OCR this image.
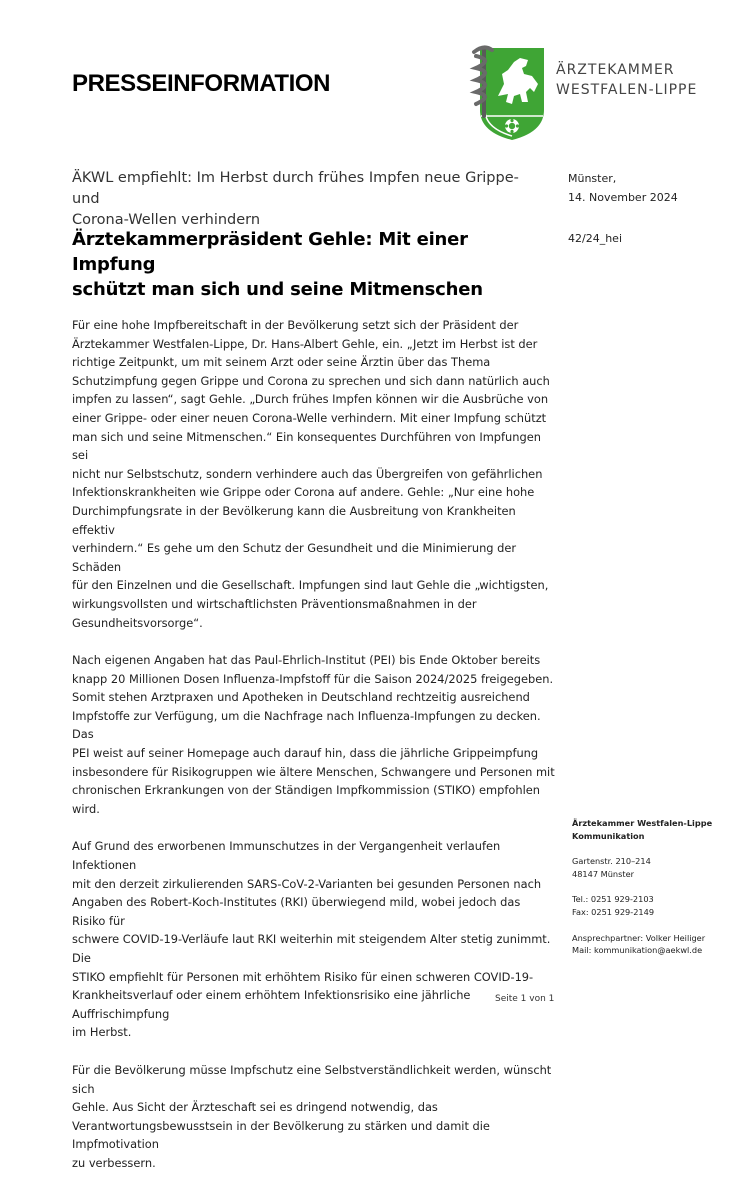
PRESSEINFORMATION	ÄRZTEKAMMER
WESTFALEN-LIPPE
ÄKWL empfiehlt: Im Herbst durch frühes Impfen neue Grippe- und
Corona-Wellen verhindern
Ärztekammerpräsident Gehle: Mit einer Impfung
schützt man sich und seine Mitmenschen
Münster,
14. November 2024
42/24_hei

Für eine hohe Impfbereitschaft in der Bevölkerung setzt sich der Präsident der
Ärztekammer Westfalen-Lippe, Dr. Hans-Albert Gehle, ein. „Jetzt im Herbst ist der
richtige Zeitpunkt, um mit seinem Arzt oder seine Ärztin über das Thema
Schutzimpfung gegen Grippe und Corona zu sprechen und sich dann natürlich auch
impfen zu lassen“, sagt Gehle. „Durch frühes Impfen können wir die Ausbrüche von
einer Grippe- oder einer neuen Corona-Welle verhindern. Mit einer Impfung schützt
man sich und seine Mitmenschen.“ Ein konsequentes Durchführen von Impfungen sei
nicht nur Selbstschutz, sondern verhindere auch das Übergreifen von gefährlichen
Infektionskrankheiten wie Grippe oder Corona auf andere. Gehle: „Nur eine hohe
Durchimpfungsrate in der Bevölkerung kann die Ausbreitung von Krankheiten effektiv
verhindern.“ Es gehe um den Schutz der Gesundheit und die Minimierung der Schäden
für den Einzelnen und die Gesellschaft. Impfungen sind laut Gehle die „wichtigsten,
wirkungsvollsten und wirtschaftlichsten Präventionsmaßnahmen in der
Gesundheitsvorsorge“.

Nach eigenen Angaben hat das Paul-Ehrlich-Institut (PEI) bis Ende Oktober bereits
knapp 20 Millionen Dosen Influenza-Impfstoff für die Saison 2024/2025 freigegeben.
Somit stehen Arztpraxen und Apotheken in Deutschland rechtzeitig ausreichend
Impfstoffe zur Verfügung, um die Nachfrage nach Influenza-Impfungen zu decken. Das
PEI weist auf seiner Homepage auch darauf hin, dass die jährliche Grippeimpfung
insbesondere für Risikogruppen wie ältere Menschen, Schwangere und Personen mit
chronischen Erkrankungen von der Ständigen Impfkommission (STIKO) empfohlen wird.

Auf Grund des erworbenen Immunschutzes in der Vergangenheit verlaufen Infektionen
mit den derzeit zirkulierenden SARS-CoV-2-Varianten bei gesunden Personen nach
Angaben des Robert-Koch-Institutes (RKI) überwiegend mild, wobei jedoch das Risiko für
schwere COVID-19-Verläufe laut RKI weiterhin mit steigendem Alter stetig zunimmt. Die
STIKO empfiehlt für Personen mit erhöhtem Risiko für einen schweren COVID-19-
Krankheitsverlauf oder einem erhöhtem Infektionsrisiko eine jährliche Auffrischimpfung
im Herbst.

Für die Bevölkerung müsse Impfschutz eine Selbstverständlichkeit werden, wünscht sich
Gehle. Aus Sicht der Ärzteschaft sei es dringend notwendig, das
Verantwortungsbewusstsein in der Bevölkerung zu stärken und damit die Impfmotivation
zu verbessern.

Ärztekammer Westfalen-Lippe
Kommunikation
Gartenstr. 210–214
48147 Münster
Tel.: 0251 929-2103
Fax: 0251 929-2149
Ansprechpartner: Volker Heiliger
Mail: kommunikation@aekwl.de
Seite 1 von 1
